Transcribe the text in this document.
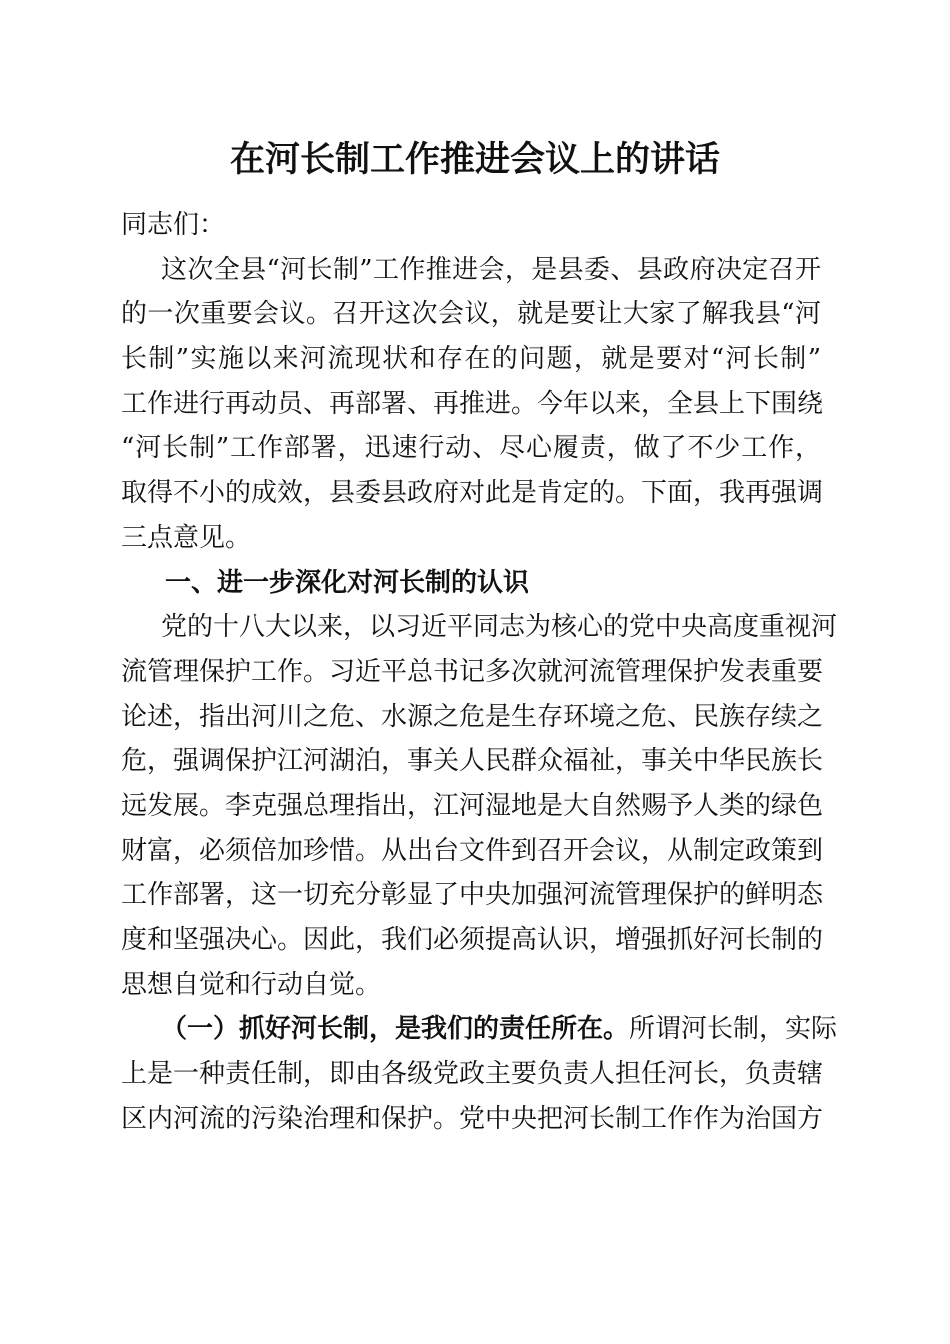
在河长制工作推进会议上的讲话
同志们：
这次全县“河长制”工作推进会，是县委、县政府决定召开
的一次重要会议。召开这次会议，就是要让大家了解我县“河
长制”实施以来河流现状和存在的问题，就是要对“河长制”
工作进行再动员、再部署、再推进。今年以来，全县上下围绕
“河长制”工作部署，迅速行动、尽心履责，做了不少工作，
取得不小的成效，县委县政府对此是肯定的。下面，我再强调
三点意见。
一、进一步深化对河长制的认识
党的十八大以来，以习近平同志为核心的党中央高度重视河
流管理保护工作。习近平总书记多次就河流管理保护发表重要
论述，指出河川之危、水源之危是生存环境之危、民族存续之
危，强调保护江河湖泊，事关人民群众福祉，事关中华民族长
远发展。李克强总理指出，江河湿地是大自然赐予人类的绿色
财富，必须倍加珍惜。从出台文件到召开会议，从制定政策到
工作部署，这一切充分彰显了中央加强河流管理保护的鲜明态
度和坚强决心。因此，我们必须提高认识，增强抓好河长制的
思想自觉和行动自觉。
（一）抓好河长制，是我们的责任所在。所谓河长制，实际
上是一种责任制，即由各级党政主要负责人担任河长，负责辖
区内河流的污染治理和保护。党中央把河长制工作作为治国方
